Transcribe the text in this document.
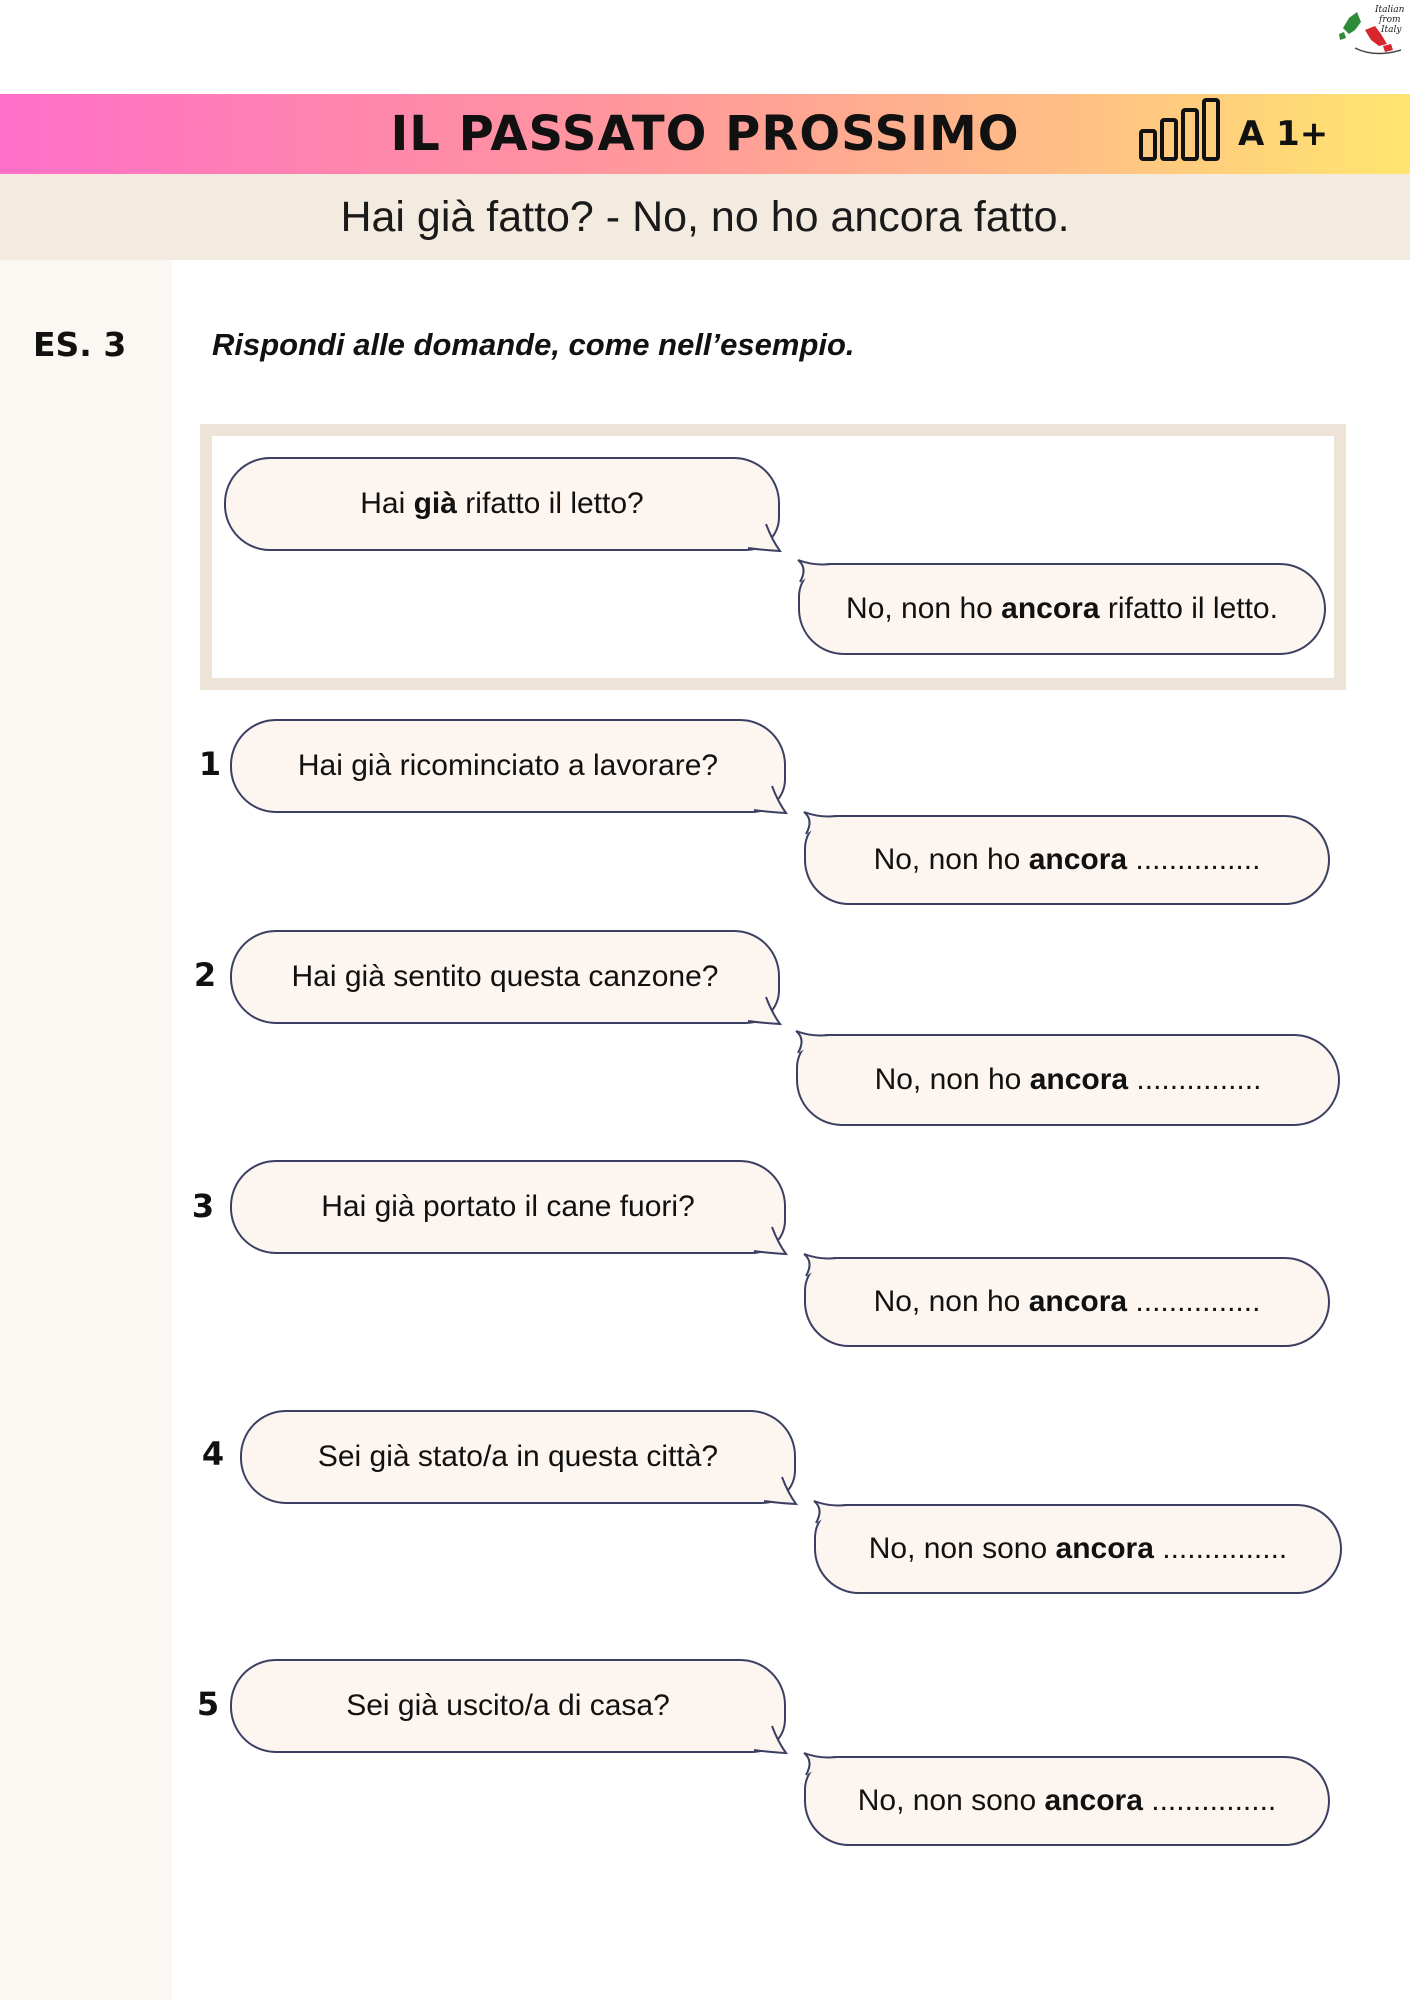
Italian
from
Italy
IL PASSATO PROSSIMO	A 1+
Hai già fatto? - No, no ho ancora fatto.
ES. 3	Rispondi alle domande, come nell’esempio.
Hai già rifatto il letto?
No, non ho ancora rifatto il letto.
1	Hai già ricominciato a lavorare?
No, non ho ancora ...............
2	Hai già sentito questa canzone?
No, non ho ancora ...............
3	Hai già portato il cane fuori?
No, non ho ancora ...............
4	Sei già stato/a in questa città?
No, non sono ancora ...............
5	Sei già uscito/a di casa?
No, non sono ancora ...............
